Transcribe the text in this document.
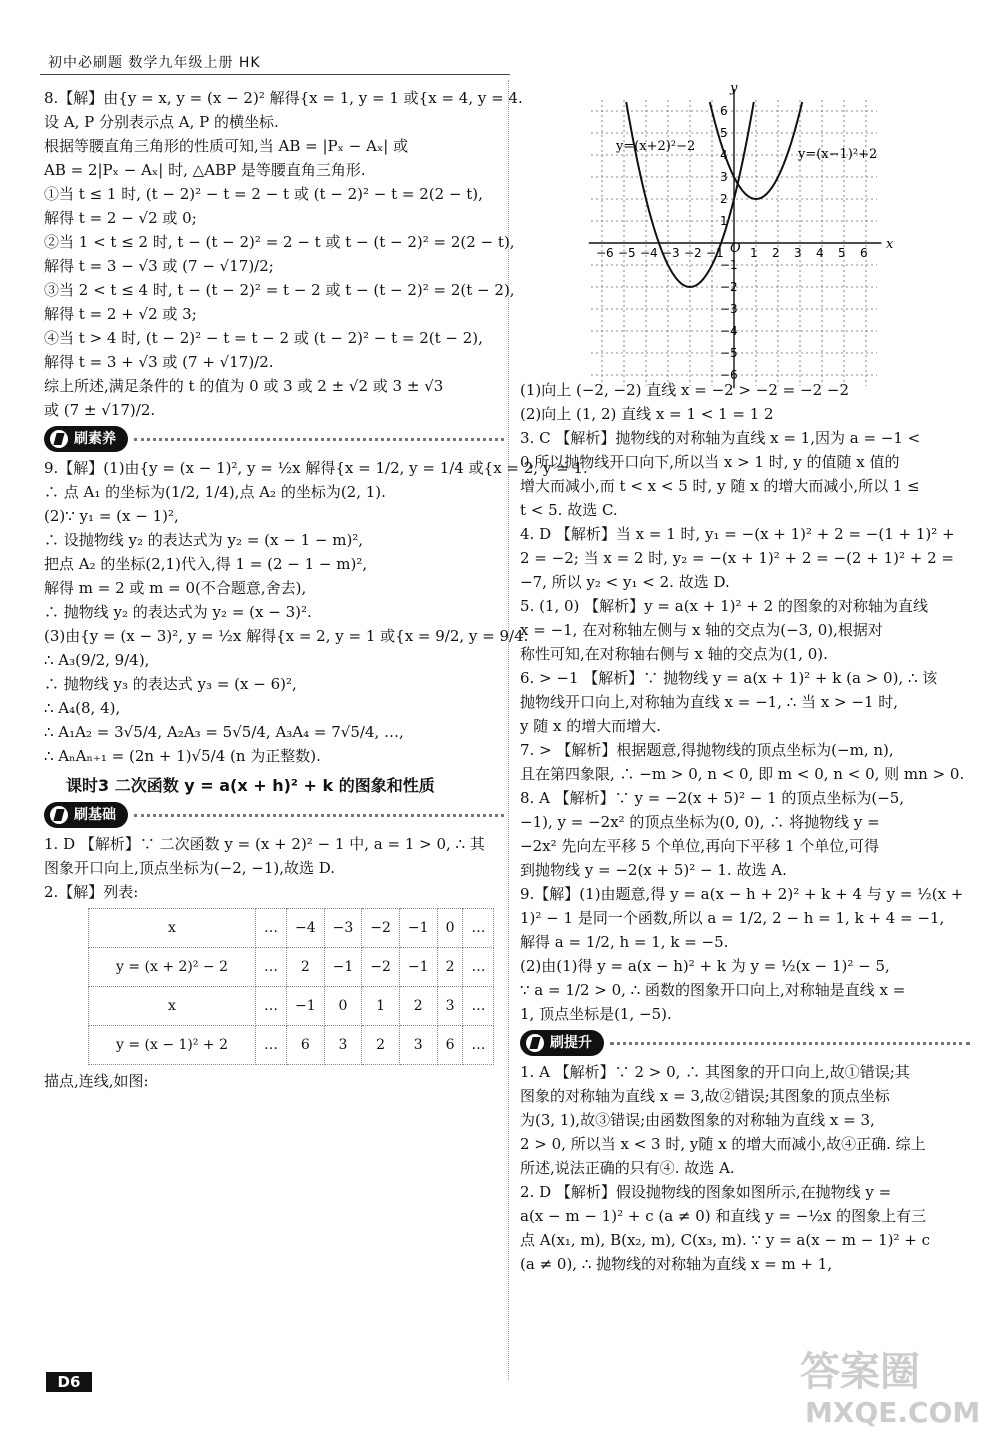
初中必刷题 数学九年级上册 HK

8.【解】由{y = x, y = (x − 2)² 解得{x = 1, y = 1 或{x = 4, y = 4.

设 A, P 分别表示点 A, P 的横坐标.

根据等腰直角三角形的性质可知,当 AB = |Pₓ − Aₓ| 或

AB = 2|Pₓ − Aₓ| 时, △ABP 是等腰直角三角形.

①当 t ≤ 1 时, (t − 2)² − t = 2 − t 或 (t − 2)² − t = 2(2 − t),

解得 t = 2 − √2 或 0;

②当 1 < t ≤ 2 时, t − (t − 2)² = 2 − t 或 t − (t − 2)² = 2(2 − t),

解得 t = 3 − √3 或 (7 − √17)/2;

③当 2 < t ≤ 4 时, t − (t − 2)² = t − 2 或 t − (t − 2)² = 2(t − 2),

解得 t = 2 + √2 或 3;

④当 t > 4 时, (t − 2)² − t = t − 2 或 (t − 2)² − t = 2(t − 2),

解得 t = 3 + √3 或 (7 + √17)/2.

综上所述,满足条件的 t 的值为 0 或 3 或 2 ± √2 或 3 ± √3

或 (7 ± √17)/2.

刷素养

9.【解】(1)由{y = (x − 1)², y = ½x 解得{x = 1/2, y = 1/4 或{x = 2, y = 1.

∴ 点 A₁ 的坐标为(1/2, 1/4),点 A₂ 的坐标为(2, 1).

(2)∵ y₁ = (x − 1)²,

∴ 设抛物线 y₂ 的表达式为 y₂ = (x − 1 − m)²,

把点 A₂ 的坐标(2,1)代入,得 1 = (2 − 1 − m)²,

解得 m = 2 或 m = 0(不合题意,舍去),

∴ 抛物线 y₂ 的表达式为 y₂ = (x − 3)².

(3)由{y = (x − 3)², y = ½x 解得{x = 2, y = 1 或{x = 9/2, y = 9/4.

∴ A₃(9/2, 9/4),

∴ 抛物线 y₃ 的表达式 y₃ = (x − 6)²,

∴ A₄(8, 4),

∴ A₁A₂ = 3√5/4, A₂A₃ = 5√5/4, A₃A₄ = 7√5/4, …,

∴ AₙAₙ₊₁ = (2n + 1)√5/4 (n 为正整数).

课时3 二次函数 y = a(x + h)² + k 的图象和性质
刷基础

1. D 【解析】∵ 二次函数 y = (x + 2)² − 1 中, a = 1 > 0, ∴ 其

图象开口向上,顶点坐标为(−2, −1),故选 D.

2.【解】列表:

x	…	−4	−3	−2	−1	0	…
y = (x + 2)² − 2	…	2	−1	−2	−1	2	…
x	…	−1	0	1	2	3	…
y = (x − 1)² + 2	…	6	3	2	3	6	…

描点,连线,如图:

−6 −5 −4 −3 −2 −1 1 2 3 4 5 6
6
5
4
3
2
1
−1
−2
−3
−4
−5
−6
y=(x+2)²−2
y=(x−1)²+2
x
y
O

(1)向上 (−2, −2) 直线 x = −2 > −2 = −2 −2

(2)向上 (1, 2) 直线 x = 1 < 1 = 1 2

3. C 【解析】抛物线的对称轴为直线 x = 1,因为 a = −1 <

0,所以抛物线开口向下,所以当 x > 1 时, y 的值随 x 值的

增大而减小,而 t < x < 5 时, y 随 x 的增大而减小,所以 1 ≤

t < 5. 故选 C.

4. D 【解析】当 x = 1 时, y₁ = −(x + 1)² + 2 = −(1 + 1)² +

2 = −2; 当 x = 2 时, y₂ = −(x + 1)² + 2 = −(2 + 1)² + 2 =

−7, 所以 y₂ < y₁ < 2. 故选 D.

5. (1, 0) 【解析】y = a(x + 1)² + 2 的图象的对称轴为直线

x = −1, 在对称轴左侧与 x 轴的交点为(−3, 0),根据对

称性可知,在对称轴右侧与 x 轴的交点为(1, 0).

6. > −1 【解析】∵ 抛物线 y = a(x + 1)² + k (a > 0), ∴ 该

抛物线开口向上,对称轴为直线 x = −1, ∴ 当 x > −1 时,

y 随 x 的增大而增大.

7. > 【解析】根据题意,得抛物线的顶点坐标为(−m, n),

且在第四象限, ∴ −m > 0, n < 0, 即 m < 0, n < 0, 则 mn > 0.

8. A 【解析】∵ y = −2(x + 5)² − 1 的顶点坐标为(−5,

−1), y = −2x² 的顶点坐标为(0, 0), ∴ 将抛物线 y =

−2x² 先向左平移 5 个单位,再向下平移 1 个单位,可得

到抛物线 y = −2(x + 5)² − 1. 故选 A.

9.【解】(1)由题意,得 y = a(x − h + 2)² + k + 4 与 y = ½(x +

1)² − 1 是同一个函数,所以 a = 1/2, 2 − h = 1, k + 4 = −1,

解得 a = 1/2, h = 1, k = −5.

(2)由(1)得 y = a(x − h)² + k 为 y = ½(x − 1)² − 5,

∵ a = 1/2 > 0, ∴ 函数的图象开口向上,对称轴是直线 x =

1, 顶点坐标是(1, −5).

刷提升

1. A 【解析】∵ 2 > 0, ∴ 其图象的开口向上,故①错误;其

图象的对称轴为直线 x = 3,故②错误;其图象的顶点坐标

为(3, 1),故③错误;由函数图象的对称轴为直线 x = 3,

2 > 0, 所以当 x < 3 时, y随 x 的增大而减小,故④正确. 综上

所述,说法正确的只有④. 故选 A.

2. D 【解析】假设抛物线的图象如图所示,在抛物线 y =

a(x − m − 1)² + c (a ≠ 0) 和直线 y = −½x 的图象上有三

点 A(x₁, m), B(x₂, m), C(x₃, m). ∵ y = a(x − m − 1)² + c

(a ≠ 0), ∴ 抛物线的对称轴为直线 x = m + 1,

D6	答案圈
MXQE.COM
